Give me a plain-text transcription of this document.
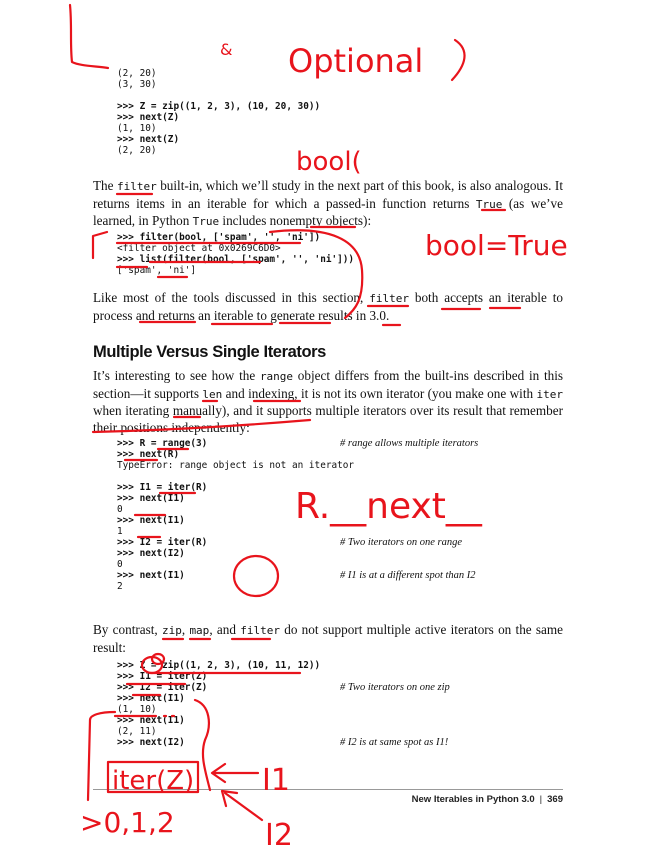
(2, 20)
(3, 30)
>>> Z = zip((1, 2, 3), (10, 20, 30))
>>> next(Z)
(1, 10)
>>> next(Z)
(2, 20)

The filter built-in, which we’ll study in the next part of this book, is also analogous. It returns items in an iterable for which a passed-in function returns True (as we’ve learned, in Python True includes nonempty objects):

>>> filter(bool, ['spam', '', 'ni'])
<filter object at 0x0269C6D0>
>>> list(filter(bool, ['spam', '', 'ni']))
['spam', 'ni']

Like most of the tools discussed in this section, filter both accepts an iterable to process and returns an iterable to generate results in 3.0.

Multiple Versus Single Iterators

It’s interesting to see how the range object differs from the built-ins described in this section—it supports len and indexing, it is not its own iterator (you make one with iter when iterating manually), and it supports multiple iterators over its result that remember their positions independently:

>>> R = range(3)	# range allows multiple iterators
>>> next(R)
TypeError: range object is not an iterator
>>> I1 = iter(R)
>>> next(I1)
0
>>> next(I1)
1
>>> I2 = iter(R)	# Two iterators on one range
>>> next(I2)
0
>>> next(I1)	# I1 is at a different spot than I2
2

By contrast, zip, map, and filter do not support multiple active iterators on the same result:

>>> Z = zip((1, 2, 3), (10, 11, 12))
>>> I1 = iter(Z)
>>> I2 = iter(Z)	# Two iterators on one zip
>>> next(I1)
(1, 10)
>>> next(I1)
(2, 11)
>>> next(I2)	# I2 is at same spot as I1!
New Iterables in Python 3.0 | 369
& Optional
bool(
bool=True
R.__next__
iter(Z)
>0,1,2
I1
I2
